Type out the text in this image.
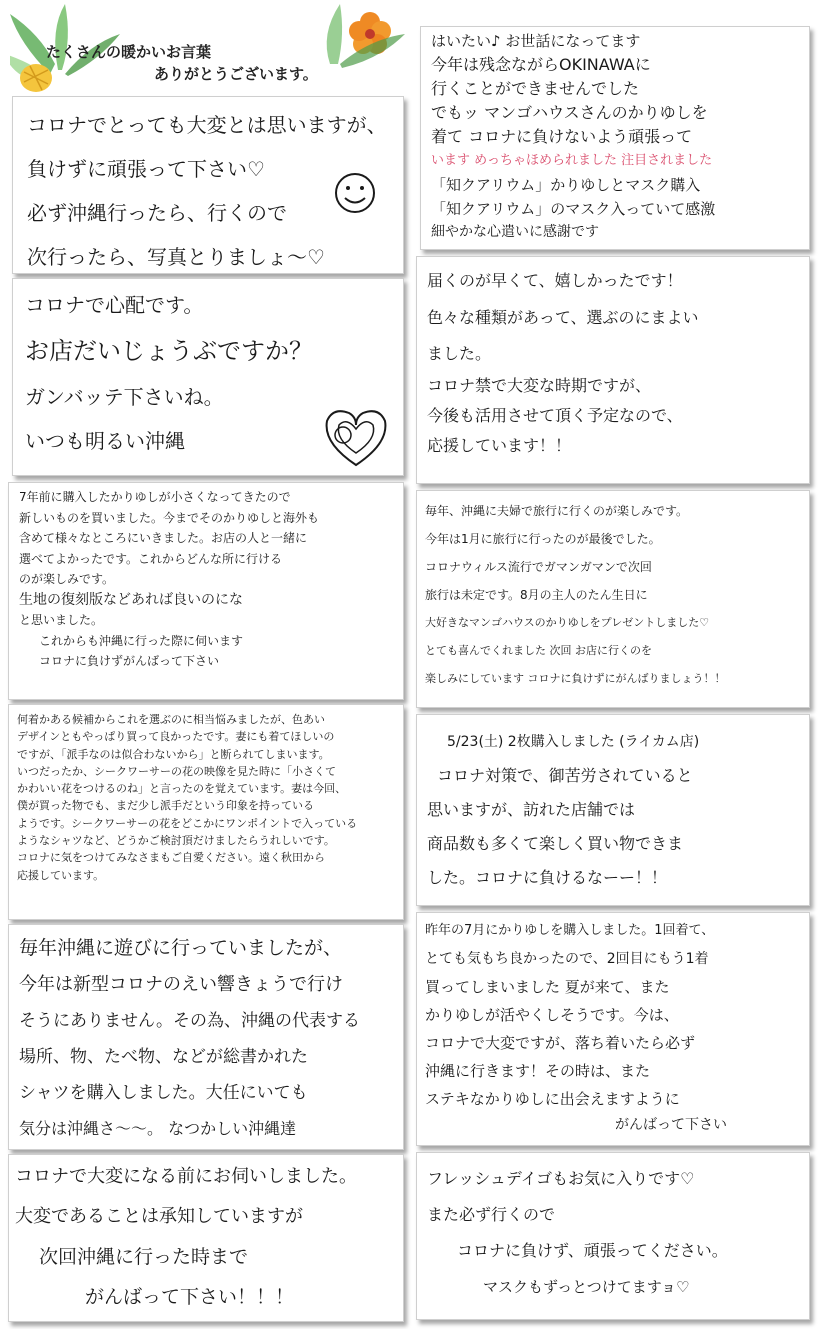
たくさんの暖かいお言葉
ありがとうございます。
コロナでとっても大変とは思いますが、
負けずに頑張って下さい♡
必ず沖縄行ったら、行くので
次行ったら、写真とりましょ〜♡
コロナで心配です。
お店だいじょうぶですか？
ガンバッテ下さいね。
いつも明るい沖縄
7年前に購入したかりゆしが小さくなってきたので
新しいものを買いました。今までそのかりゆしと海外も
含めて様々なところにいきました。お店の人と一緒に
選べてよかったです。これからどんな所に行ける
のが楽しみです。
生地の復刻版などあれば良いのにな
と思いました。
これからも沖縄に行った際に伺います
コロナに負けずがんばって下さい
何着かある候補からこれを選ぶのに相当悩みましたが、色あい
デザインともやっぱり買って良かったです。妻にも着てほしいの
ですが、「派手なのは似合わないから」と断られてしまいます。
いつだったか、シークワーサーの花の映像を見た時に「小さくて
かわいい花をつけるのね」と言ったのを覚えています。妻は今回、
僕が買った物でも、まだ少し派手だという印象を持っている
ようです。シークワーサーの花をどこかにワンポイントで入っている
ようなシャツなど、どうかご検討頂だけましたらうれしいです。
コロナに気をつけてみなさまもご自愛ください。遠く秋田から
応援しています。
毎年沖縄に遊びに行っていましたが、
今年は新型コロナのえい響きょうで行け
そうにありません。その為、沖縄の代表する
場所、物、たべ物、などが総書かれた
シャツを購入しました。大任にいても
気分は沖縄さ〜〜。 なつかしい沖縄達
コロナで大変になる前にお伺いしました。
大変であることは承知していますが
次回沖縄に行った時まで
がんばって下さい！！！
はいたい♪ お世話になってます
今年は残念ながらOKINAWAに
行くことができませんでした
でもッ マンゴハウスさんのかりゆしを
着て コロナに負けないよう頑張って
います めっちゃほめられました 注目されました
「知クアリウム」かりゆしとマスク購入
「知クアリウム」のマスク入っていて感激
細やかな心遣いに感謝です
届くのが早くて、嬉しかったです！
色々な種類があって、選ぶのにまよい
ました。
コロナ禁で大変な時期ですが、
今後も活用させて頂く予定なので、
応援しています！！
毎年、沖縄に夫婦で旅行に行くのが楽しみです。
今年は1月に旅行に行ったのが最後でした。
コロナウィルス流行でガマンガマンで次回
旅行は未定です。8月の主人のたん生日に
大好きなマンゴハウスのかりゆしをプレゼントしました♡
とても喜んでくれました 次回 お店に行くのを
楽しみにしています コロナに負けずにがんばりましょう！！
5/23(土) 2枚購入しました (ライカム店)
コロナ対策で、御苦労されていると
思いますが、訪れた店舗では
商品数も多くて楽しく買い物できま
した。コロナに負けるなーー！！
昨年の7月にかりゆしを購入しました。1回着て、
とても気もち良かったので、2回目にもう1着
買ってしまいました 夏が来て、また
かりゆしが活やくしそうです。今は、
コロナで大変ですが、落ち着いたら必ず
沖縄に行きます！その時は、また
ステキなかりゆしに出会えますように
がんばって下さい
フレッシュデイゴもお気に入りです♡
また必ず行くので
コロナに負けず、頑張ってください。
マスクもずっとつけてますョ♡
